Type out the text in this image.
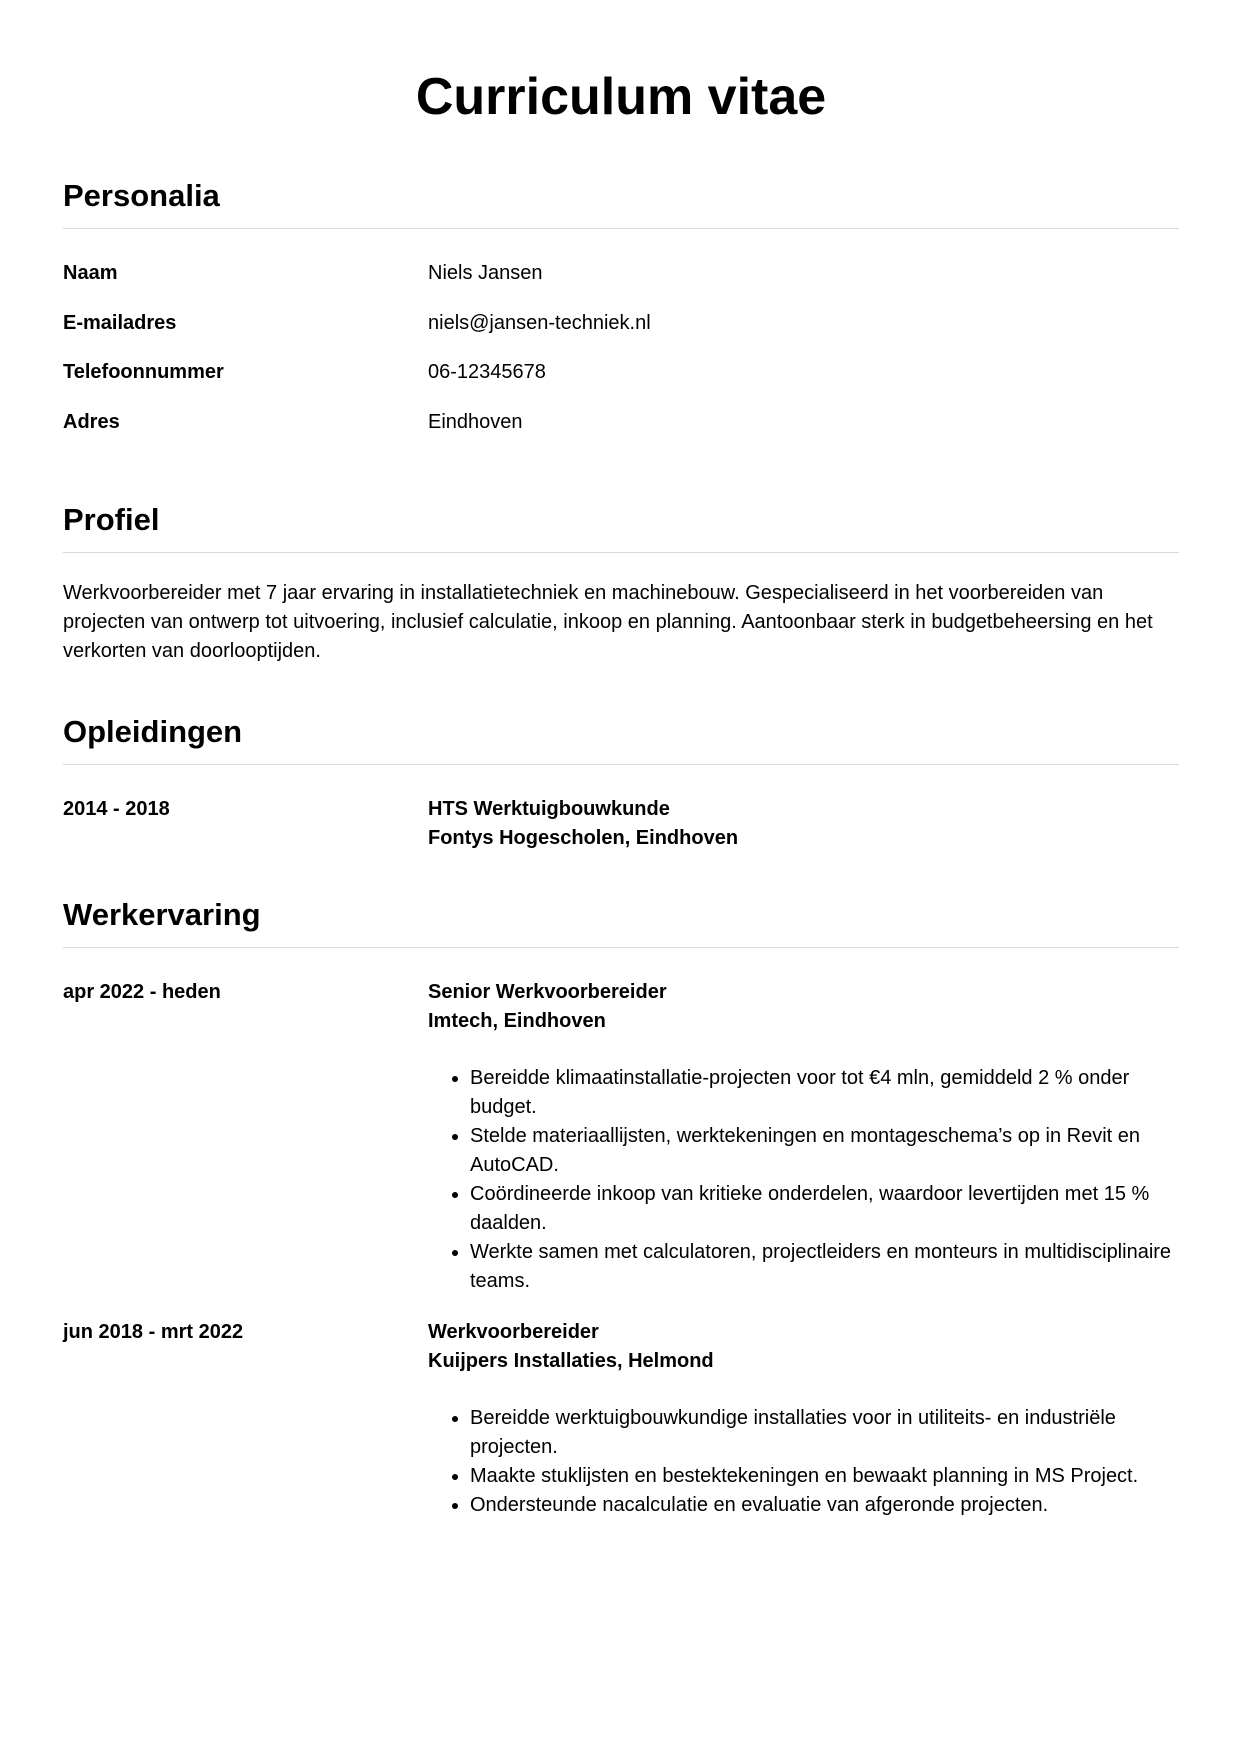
Curriculum vitae
Personalia
Naam	Niels Jansen
E-mailadres	niels@jansen-techniek.nl
Telefoonnummer	06-12345678
Adres	Eindhoven
Profiel

Werkvoorbereider met 7 jaar ervaring in installatietechniek en machinebouw. Gespecialiseerd in het voorbereiden van projecten van ontwerp tot uitvoering, inclusief calculatie, inkoop en planning. Aantoonbaar sterk in budgetbeheersing en het verkorten van doorlooptijden.

Opleidingen
2014 - 2018	HTS Werktuigbouwkunde
Fontys Hogescholen, Eindhoven
Werkervaring
apr 2022 - heden	Senior Werkvoorbereider
Imtech, Eindhoven
• Bereidde klimaatinstallatie-projecten voor tot €4 mln, gemiddeld 2 % onder budget.
• Stelde materiaallijsten, werktekeningen en montageschema’s op in Revit en AutoCAD.
• Coördineerde inkoop van kritieke onderdelen, waardoor levertijden met 15 % daalden.
• Werkte samen met calculatoren, projectleiders en monteurs in multidisciplinaire teams.
jun 2018 - mrt 2022	Werkvoorbereider
Kuijpers Installaties, Helmond
• Bereidde werktuigbouwkundige installaties voor in utiliteits- en industriële projecten.
• Maakte stuklijsten en bestektekeningen en bewaakt planning in MS Project.
• Ondersteunde nacalculatie en evaluatie van afgeronde projecten.
